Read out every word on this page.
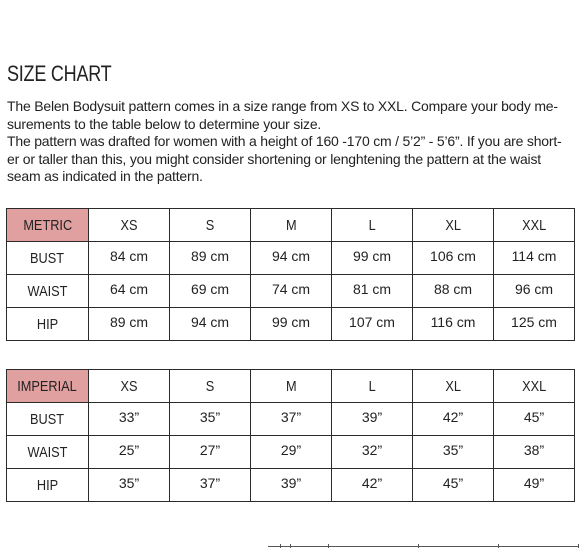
SIZE CHART

The Belen Bodysuit pattern comes in a size range from XS to XXL. Compare your body me-

surements to the table below to determine your size.

The pattern was drafted for women with a height of 160 -170 cm / 5’2” - 5’6”. If you are short-

er or taller than this, you might consider shortening or lenghtening the pattern at the waist

seam as indicated in the pattern.

METRIC	XS	S	M	L	XL	XXL
BUST	84 cm	89 cm	94 cm	99 cm	106 cm	114 cm
WAIST	64 cm	69 cm	74 cm	81 cm	88 cm	96 cm
HIP	89 cm	94 cm	99 cm	107 cm	116 cm	125 cm
IMPERIAL	XS	S	M	L	XL	XXL
BUST	33”	35”	37”	39”	42”	45”
WAIST	25”	27”	29”	32”	35”	38”
HIP	35”	37”	39”	42”	45”	49”
